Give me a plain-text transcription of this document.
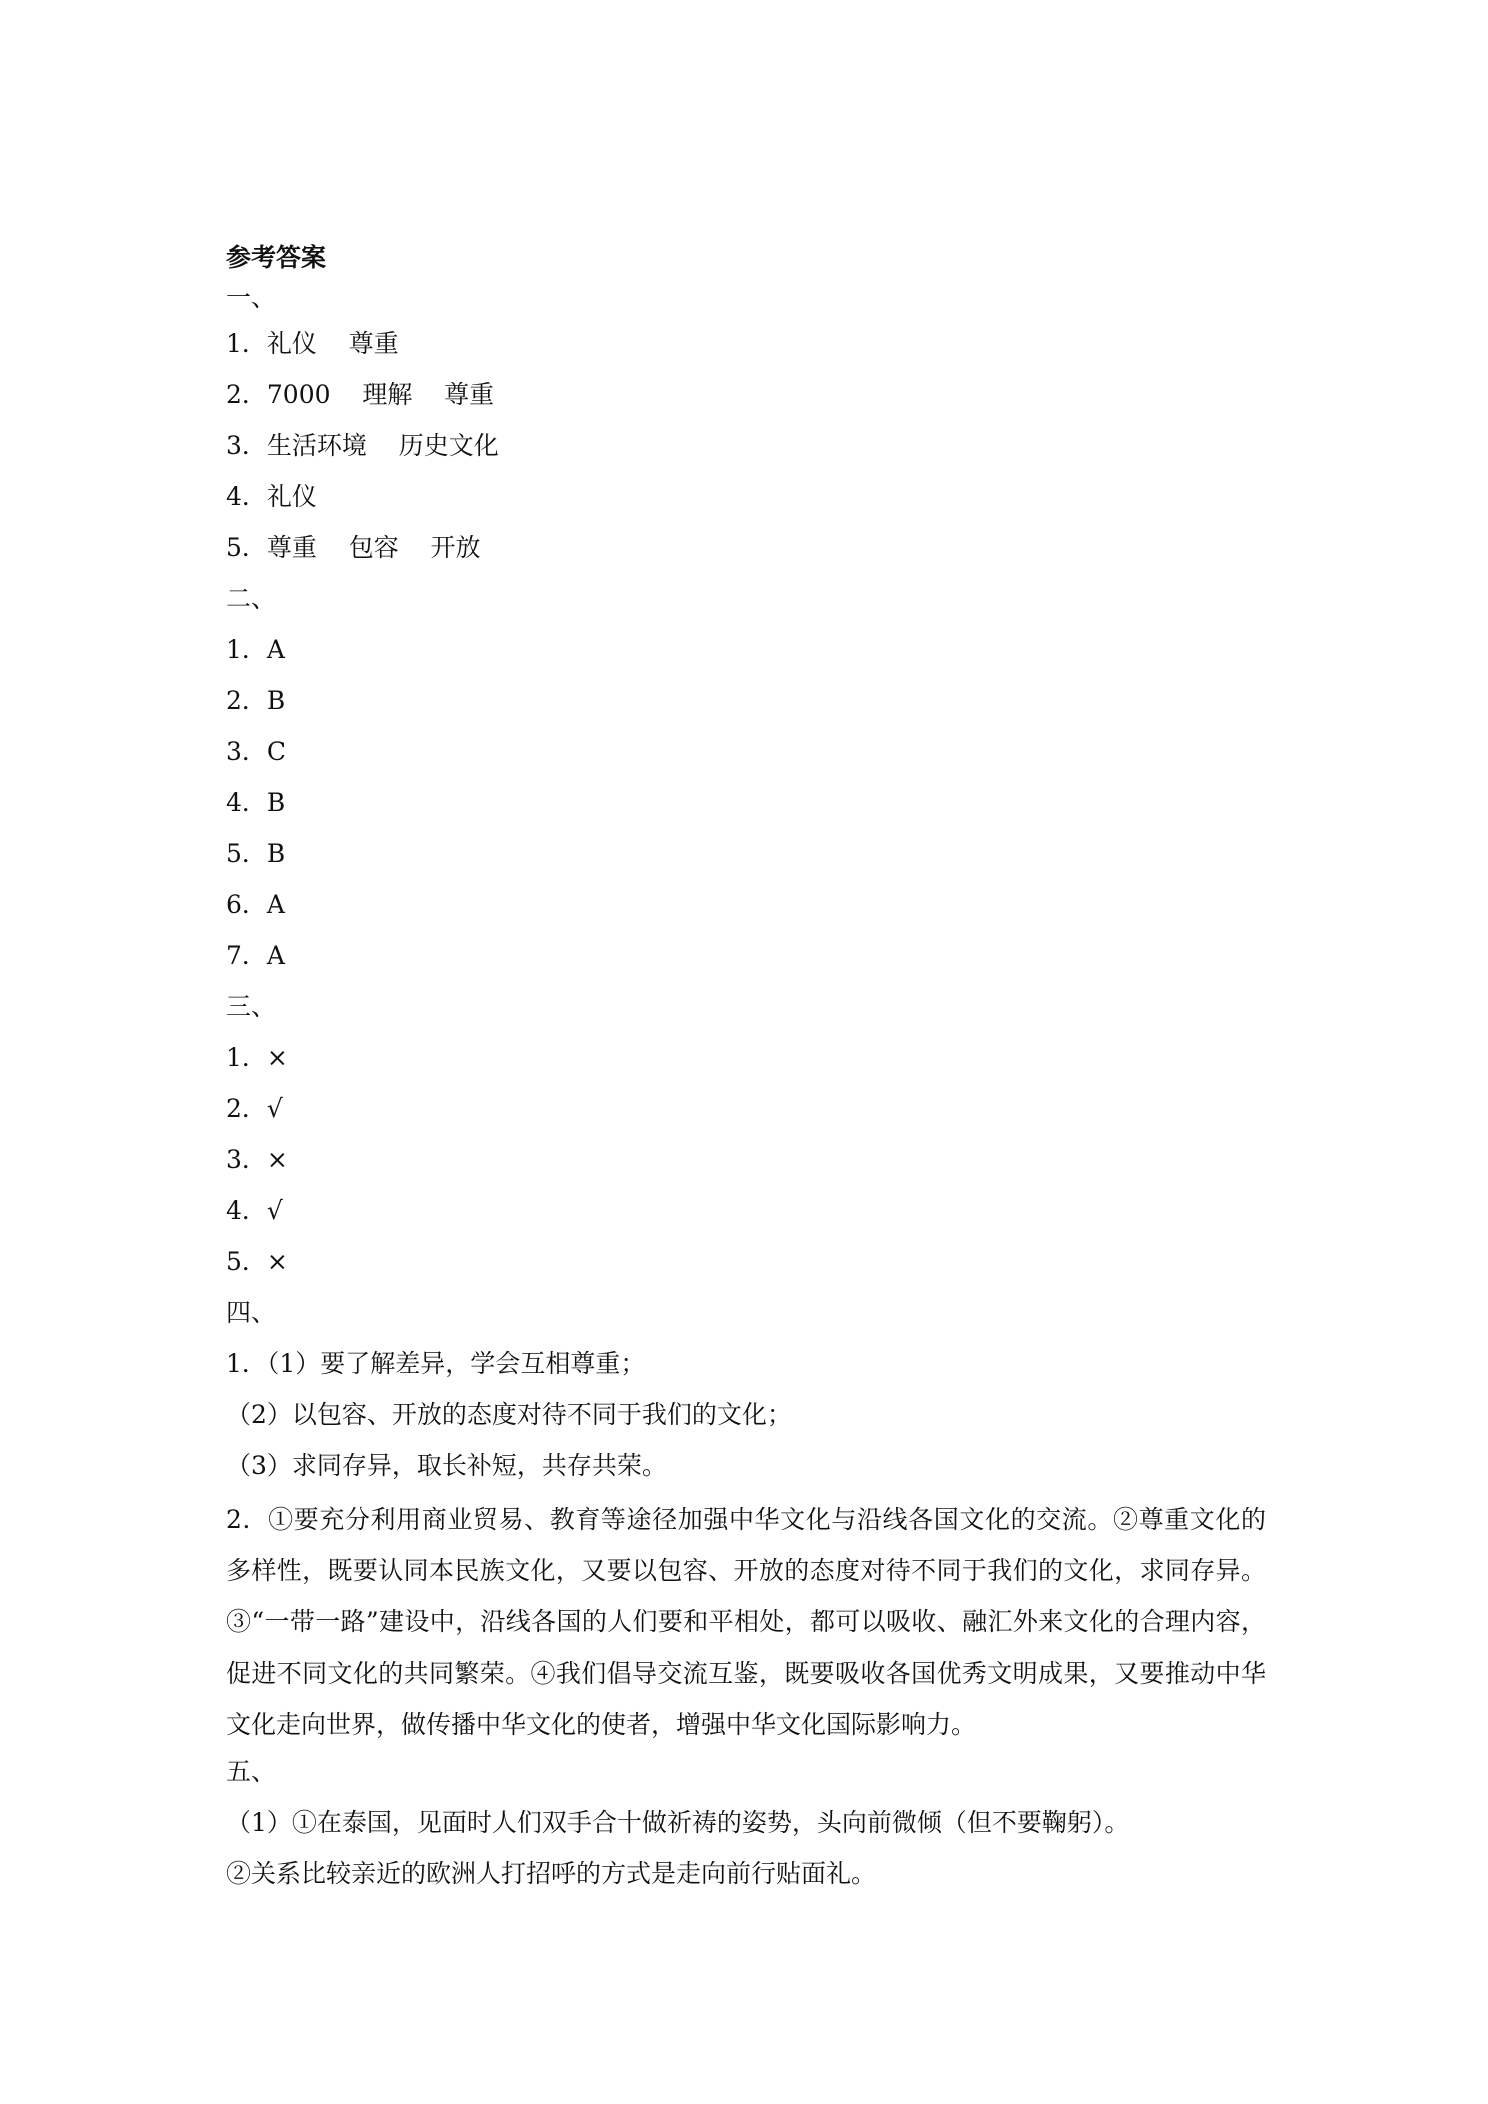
参考答案
一、
1．礼仪    尊重
2．7000    理解    尊重
3．生活环境    历史文化
4．礼仪
5．尊重    包容    开放
二、
1．A
2．B
3．C
4．B
5．B
6．A
7．A
三、
1．×
2．√
3．×
4．√
5．×
四、
1．（1）要了解差异，学会互相尊重；
（2）以包容、开放的态度对待不同于我们的文化；
（3）求同存异，取长补短，共存共荣。
2．①要充分利用商业贸易、教育等途径加强中华文化与沿线各国文化的交流。②尊重文化的多样性，既要认同本民族文化，又要以包容、开放的态度对待不同于我们的文化，求同存异。③“一带一路”建设中，沿线各国的人们要和平相处，都可以吸收、融汇外来文化的合理内容，促进不同文化的共同繁荣。④我们倡导交流互鉴，既要吸收各国优秀文明成果，又要推动中华文化走向世界，做传播中华文化的使者，增强中华文化国际影响力。
五、
（1）①在泰国，见面时人们双手合十做祈祷的姿势，头向前微倾（但不要鞠躬）。
②关系比较亲近的欧洲人打招呼的方式是走向前行贴面礼。
